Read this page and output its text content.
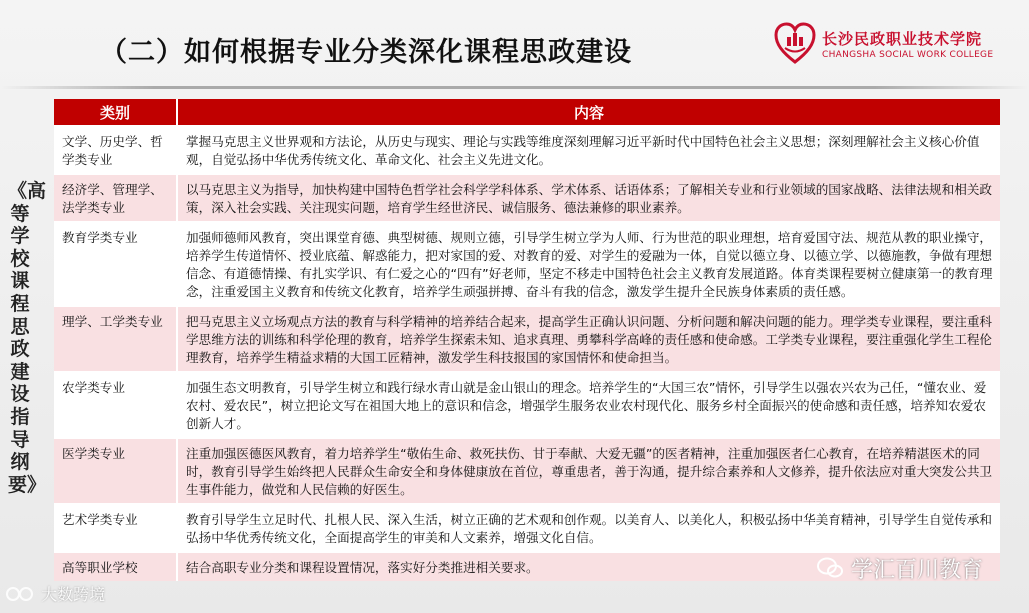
（二）如何根据专业分类深化课程思政建设	长沙民政职业技术学院
CHANGSHA SOCIAL WORK COLLEGE
《高等学校课程思政建设指导纲要》
类别	内容
文学、历史学、哲学类专业	掌握马克思主义世界观和方法论，从历史与现实、理论与实践等维度深刻理解习近平新时代中国特色社会主义思想；深刻理解社会主义核心价值观，自觉弘扬中华优秀传统文化、革命文化、社会主义先进文化。
经济学、管理学、法学类专业	以马克思主义为指导，加快构建中国特色哲学社会科学学科体系、学术体系、话语体系；了解相关专业和行业领域的国家战略、法律法规和相关政策，深入社会实践、关注现实问题，培育学生经世济民、诚信服务、德法兼修的职业素养。
教育学类专业	加强师德师风教育，突出课堂育德、典型树德、规则立德，引导学生树立学为人师、行为世范的职业理想，培育爱国守法、规范从教的职业操守，培养学生传道情怀、授业底蕴、解惑能力，把对家国的爱、对教育的爱、对学生的爱融为一体，自觉以德立身、以德立学、以德施教，争做有理想信念、有道德情操、有扎实学识、有仁爱之心的“四有”好老师，坚定不移走中国特色社会主义教育发展道路。体育类课程要树立健康第一的教育理念，注重爱国主义教育和传统文化教育，培养学生顽强拼搏、奋斗有我的信念，激发学生提升全民族身体素质的责任感。
理学、工学类专业	把马克思主义立场观点方法的教育与科学精神的培养结合起来，提高学生正确认识问题、分析问题和解决问题的能力。理学类专业课程，要注重科学思维方法的训练和科学伦理的教育，培养学生探索未知、追求真理、勇攀科学高峰的责任感和使命感。工学类专业课程，要注重强化学生工程伦理教育，培养学生精益求精的大国工匠精神，激发学生科技报国的家国情怀和使命担当。
农学类专业	加强生态文明教育，引导学生树立和践行绿水青山就是金山银山的理念。培养学生的“大国三农”情怀，引导学生以强农兴农为己任，“懂农业、爱农村、爱农民”，树立把论文写在祖国大地上的意识和信念，增强学生服务农业农村现代化、服务乡村全面振兴的使命感和责任感，培养知农爱农创新人才。
医学类专业	注重加强医德医风教育，着力培养学生“敬佑生命、救死扶伤、甘于奉献、大爱无疆”的医者精神，注重加强医者仁心教育，在培养精湛医术的同时，教育引导学生始终把人民群众生命安全和身体健康放在首位，尊重患者，善于沟通，提升综合素养和人文修养，提升依法应对重大突发公共卫生事件能力，做党和人民信赖的好医生。
艺术学类专业	教育引导学生立足时代、扎根人民、深入生活，树立正确的艺术观和创作观。以美育人、以美化人，积极弘扬中华美育精神，引导学生自觉传承和弘扬中华优秀传统文化，全面提高学生的审美和人文素养，增强文化自信。
高等职业学校	结合高职专业分类和课程设置情况，落实好分类推进相关要求。
大数跨境
学汇百川教育
